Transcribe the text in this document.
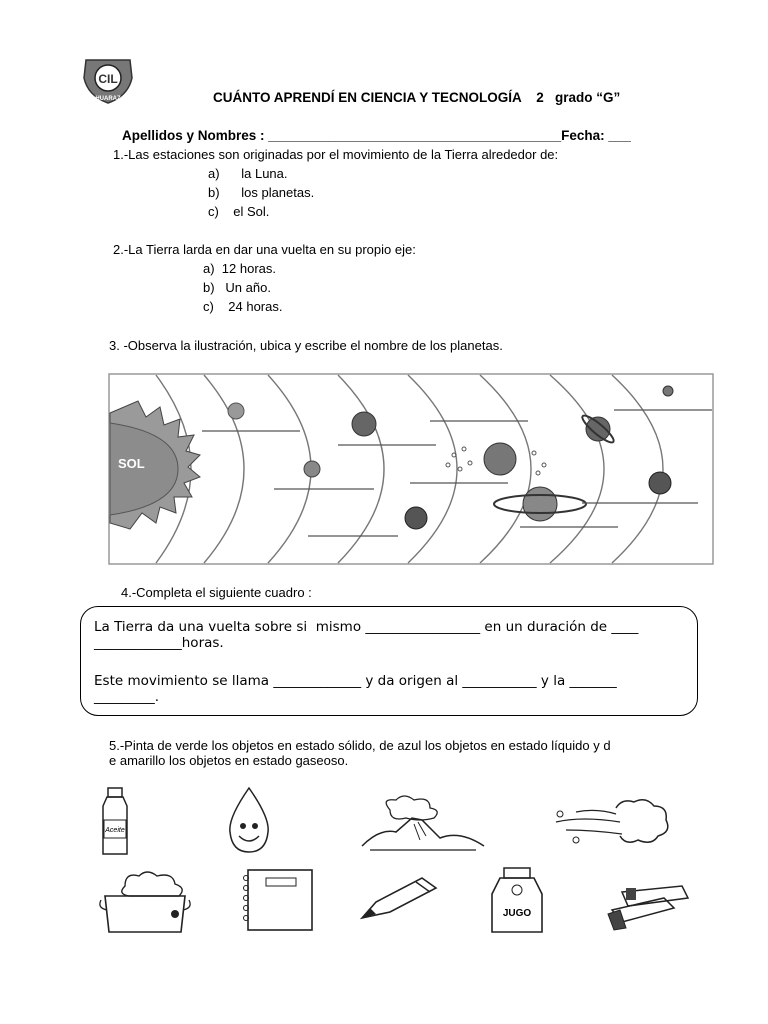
CIL
HUARAZ	CUÁNTO APRENDÍ EN CIENCIA Y TECNOLOGÍA    2   grado “G”
Apellidos y Nombres : _______________________________________Fecha: ___
1.-Las estaciones son originadas por el movimiento de la Tierra alrededor de:
a)      la Luna.
b)      los planetas.
c)    el Sol.
2.-La Tierra larda en dar una vuelta en su propio eje:
a)  12 horas.
b)   Un año.
c)    24 horas.
3. -Observa la ilustración, ubica y escribe el nombre de los planetas.
SOL
4.-Completa el siguiente cuadro :

La Tierra da una vuelta sobre si  mismo _________________ en un duración de ____

_____________horas.

Este movimiento se llama _____________ y da origen al ___________ y la _______

_________.

5.-Pinta de verde los objetos en estado sólido, de azul los objetos en estado líquido y d
e amarillo los objetos en estado gaseoso.
Aceite
JUGO
